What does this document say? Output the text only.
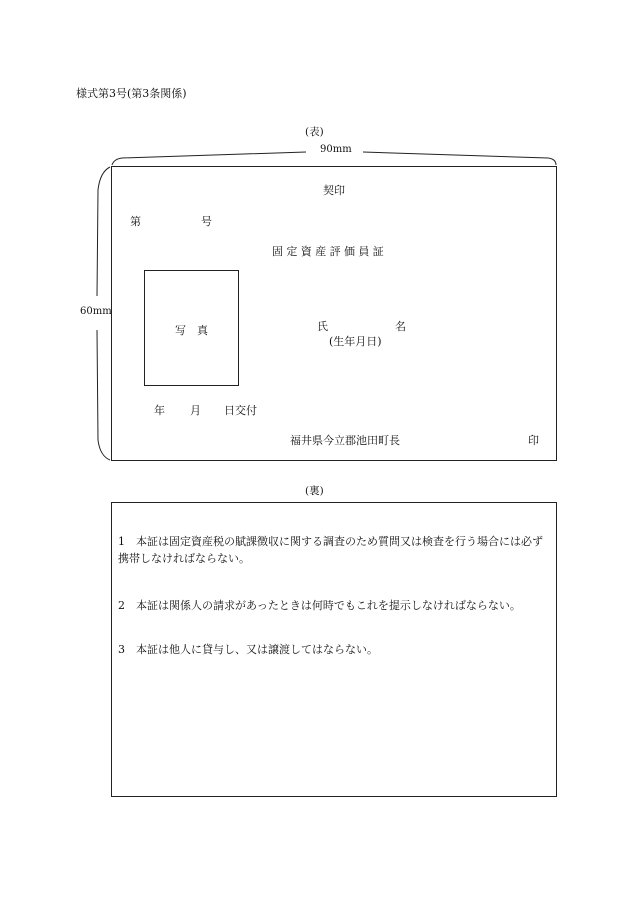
様式第3号(第3条関係)
(表)
90mm
60mm
契印
第	号
固定資産評価員証
写　真	氏	名
(生年月日)
年 月 日交付
福井県今立郡池田町長	印
(裏)
1　本証は固定資産税の賦課徴収に関する調査のため質問又は検査を行う場合には必ず携帯しなければならない。
2　本証は関係人の請求があったときは何時でもこれを提示しなければならない。
3　本証は他人に貸与し、又は譲渡してはならない。
